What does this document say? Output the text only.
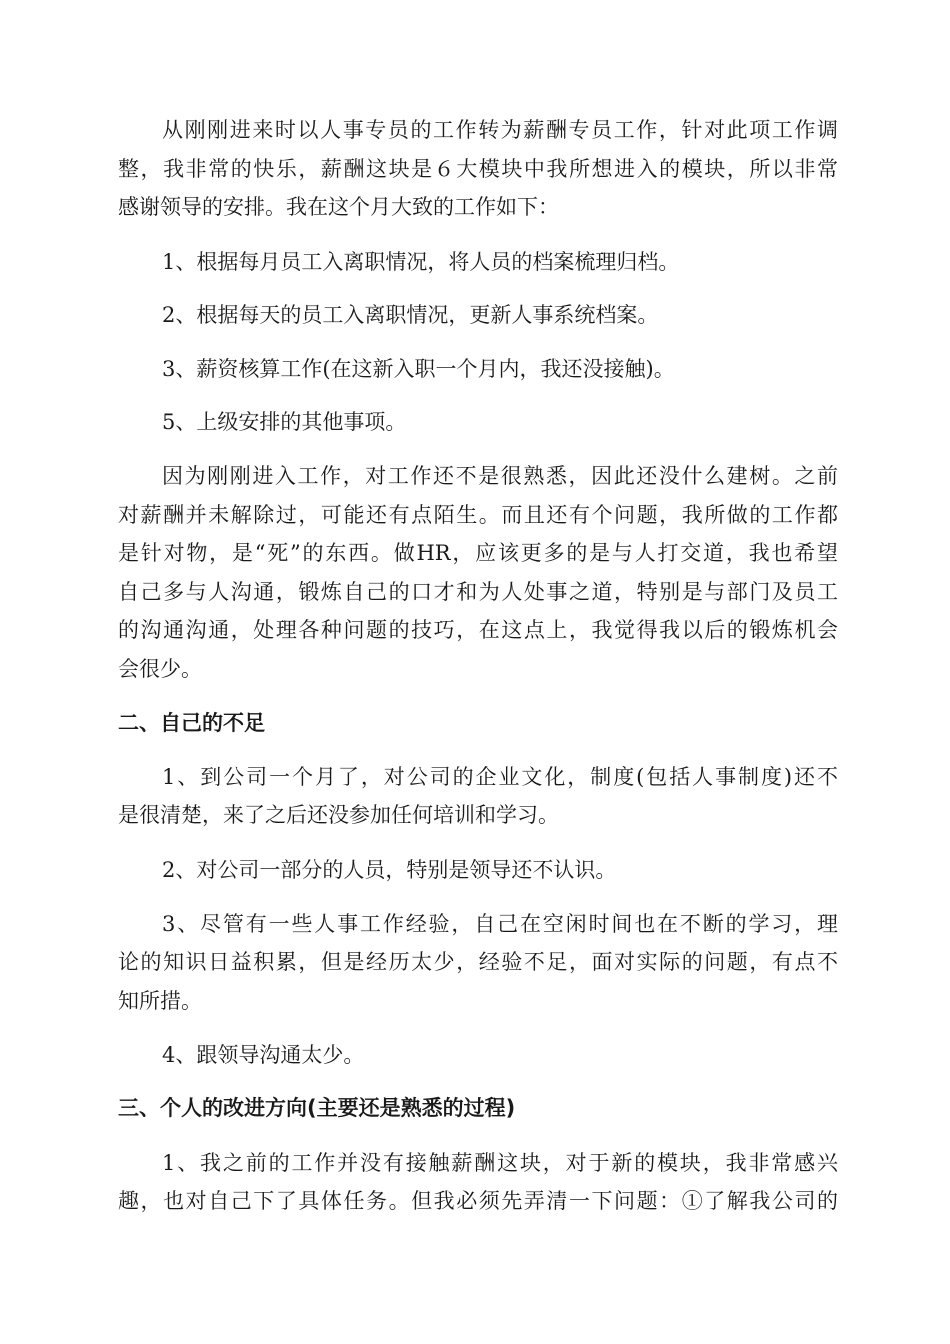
从刚刚进来时以人事专员的工作转为薪酬专员工作，针对此项工作调
整，我非常的快乐，薪酬这块是６大模块中我所想进入的模块，所以非常
感谢领导的安排。我在这个月大致的工作如下：
1、根据每月员工入离职情况，将人员的档案梳理归档。
2、根据每天的员工入离职情况，更新人事系统档案。
3、薪资核算工作(在这新入职一个月内，我还没接触)。
5、上级安排的其他事项。
因为刚刚进入工作，对工作还不是很熟悉，因此还没什么建树。之前
对薪酬并未解除过，可能还有点陌生。而且还有个问题，我所做的工作都
是针对物，是“死”的东西。做HR，应该更多的是与人打交道，我也希望
自己多与人沟通，锻炼自己的口才和为人处事之道，特别是与部门及员工
的沟通沟通，处理各种问题的技巧，在这点上，我觉得我以后的锻炼机会
会很少。
二、自己的不足
1、到公司一个月了，对公司的企业文化，制度(包括人事制度)还不
是很清楚，来了之后还没参加任何培训和学习。
2、对公司一部分的人员，特别是领导还不认识。
3、尽管有一些人事工作经验，自己在空闲时间也在不断的学习，理
论的知识日益积累，但是经历太少，经验不足，面对实际的问题，有点不
知所措。
4、跟领导沟通太少。
三、个人的改进方向(主要还是熟悉的过程)
1、我之前的工作并没有接触薪酬这块，对于新的模块，我非常感兴
趣，也对自己下了具体任务。但我必须先弄清一下问题：①了解我公司的
